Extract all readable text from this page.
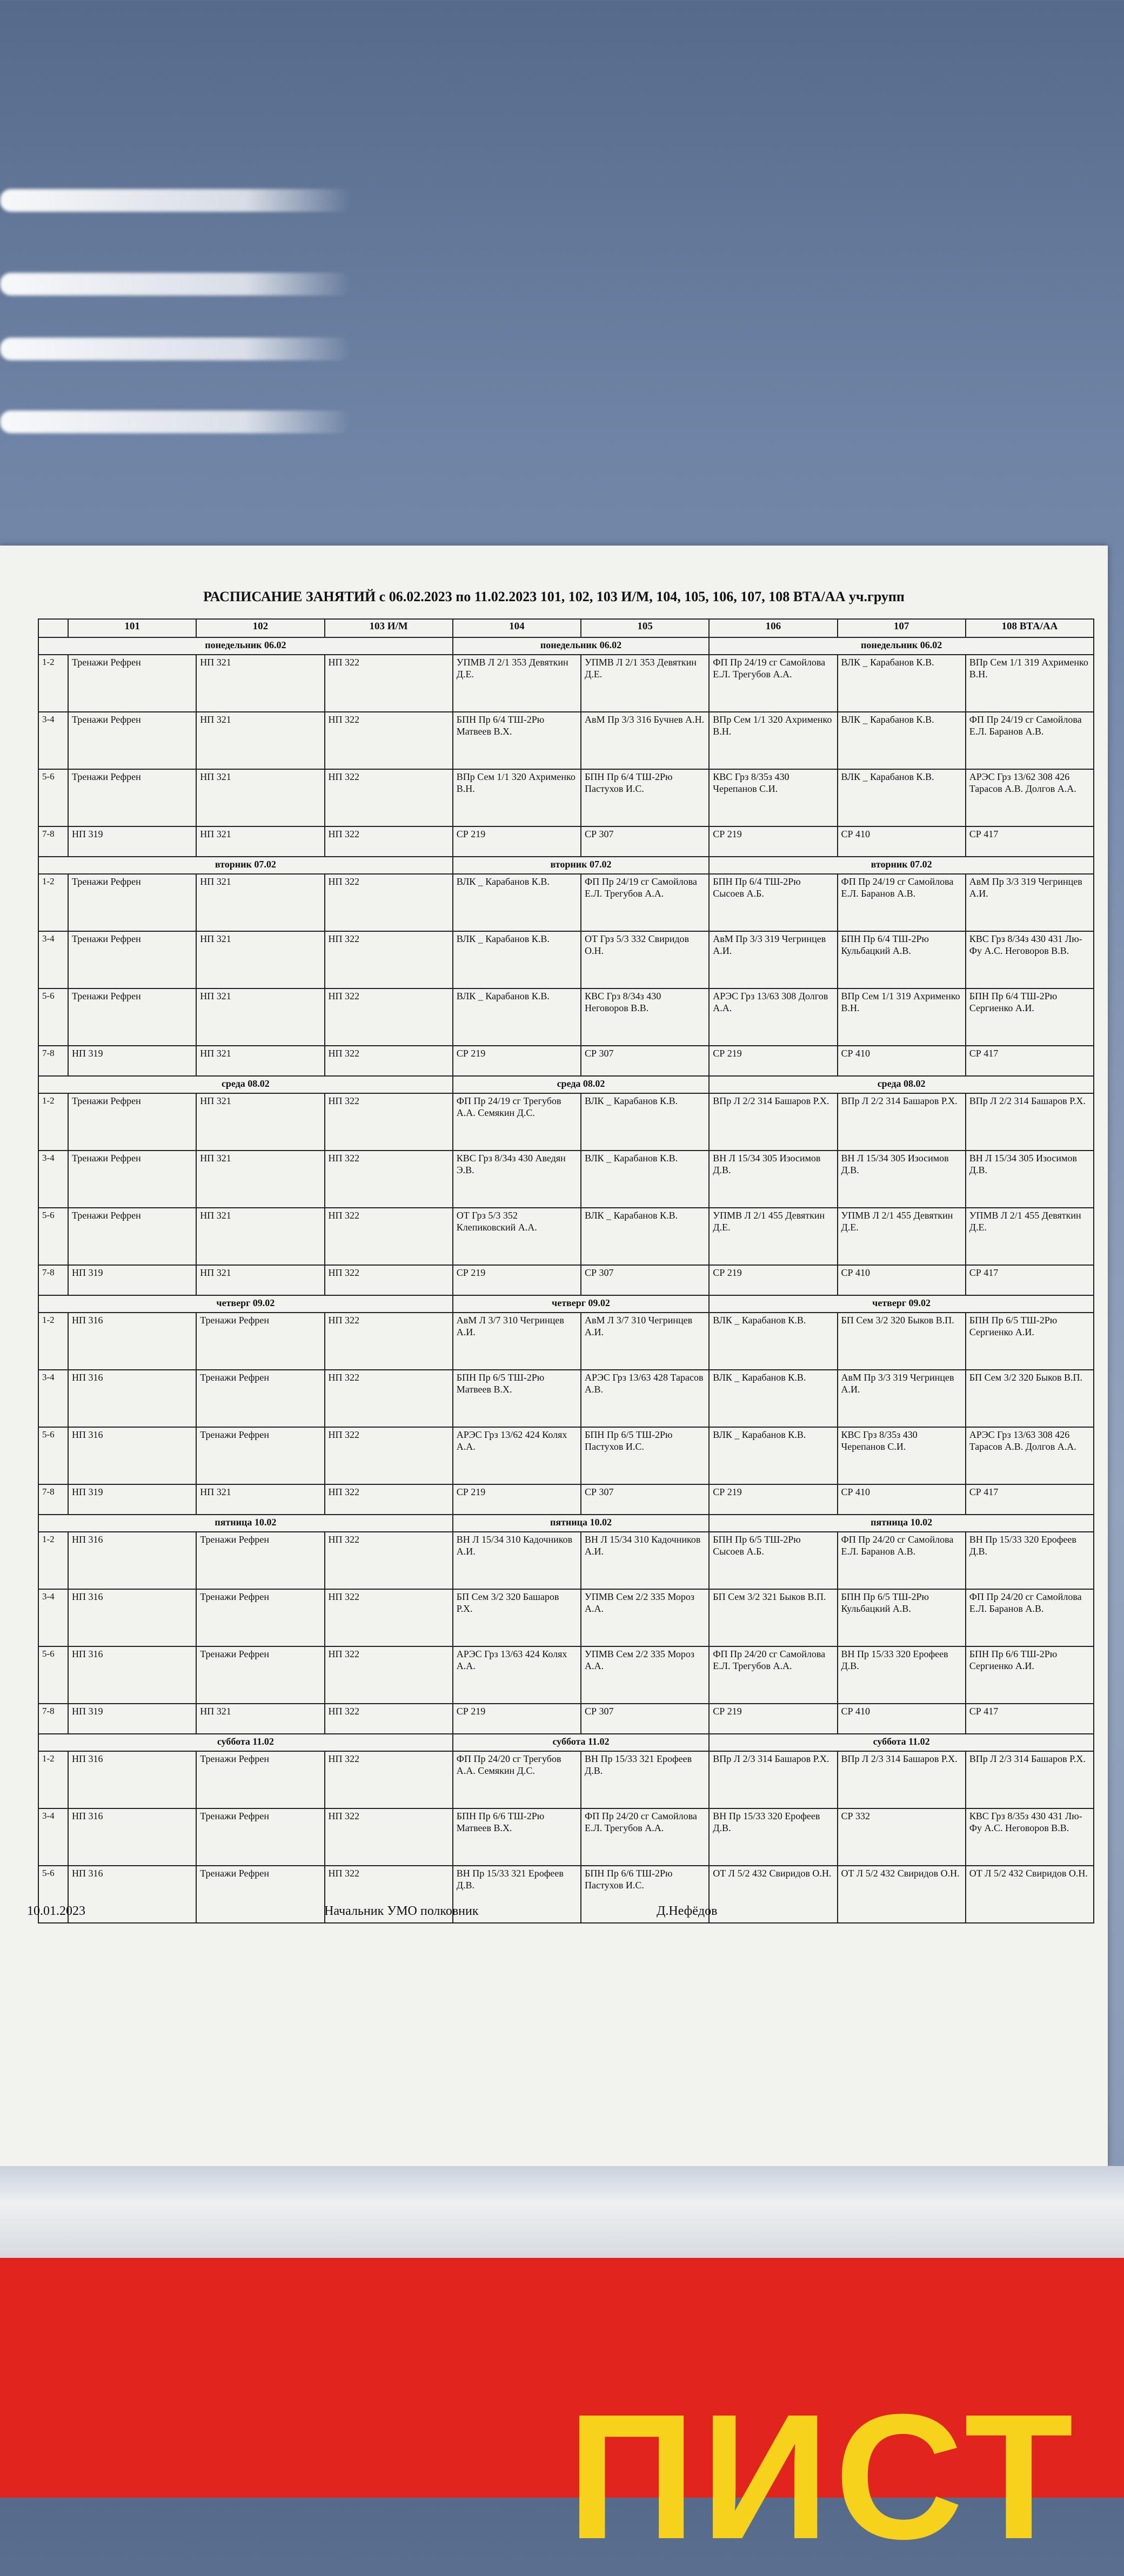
РАСПИСАНИЕ ЗАНЯТИЙ с 06.02.2023 по 11.02.2023 101, 102, 103 И/М, 104, 105, 106, 107, 108 ВТА/АА уч.групп
	101	102	103 И/М	104	105	106	107	108 ВТА/АА
понедельник 06.02				понедельник 06.02		понедельник 06.02		
1-2	Тренажи Рефрен	НП 321	НП 322	УПМВ Л 2/1 353 Девяткин Д.Е.	УПМВ Л 2/1 353 Девяткин Д.Е.	ФП Пр 24/19 сг Самойлова Е.Л. Трегубов А.А.	ВЛК _ Карабанов К.В.	ВПр Сем 1/1 319 Ахрименко В.Н.
3-4	Тренажи Рефрен	НП 321	НП 322	БПН Пр 6/4 ТШ-2Рю Матвеев В.Х.	АвМ Пр 3/3 316 Бучнев А.Н.	ВПр Сем 1/1 320 Ахрименко В.Н.	ВЛК _ Карабанов К.В.	ФП Пр 24/19 сг Самойлова Е.Л. Баранов А.В.
5-6	Тренажи Рефрен	НП 321	НП 322	ВПр Сем 1/1 320 Ахрименко В.Н.	БПН Пр 6/4 ТШ-2Рю Пастухов И.С.	КВС Грз 8/35з 430 Черепанов С.И.	ВЛК _ Карабанов К.В.	АРЭС Грз 13/62 308 426 Тарасов А.В. Долгов А.А.
7-8	НП 319	НП 321	НП 322	СР 219	СР 307	СР 219	СР 410	СР 417
вторник 07.02				вторник 07.02		вторник 07.02		
1-2	Тренажи Рефрен	НП 321	НП 322	ВЛК _ Карабанов К.В.	ФП Пр 24/19 сг Самойлова Е.Л. Трегубов А.А.	БПН Пр 6/4 ТШ-2Рю Сысоев А.Б.	ФП Пр 24/19 сг Самойлова Е.Л. Баранов А.В.	АвМ Пр 3/3 319 Чегринцев А.И.
3-4	Тренажи Рефрен	НП 321	НП 322	ВЛК _ Карабанов К.В.	ОТ Грз 5/3 332 Свиридов О.Н.	АвМ Пр 3/3 319 Чегринцев А.И.	БПН Пр 6/4 ТШ-2Рю Кульбацкий А.В.	КВС Грз 8/34з 430 431 Лю-Фу А.С. Неговоров В.В.
5-6	Тренажи Рефрен	НП 321	НП 322	ВЛК _ Карабанов К.В.	КВС Грз 8/34з 430 Неговоров В.В.	АРЭС Грз 13/63 308 Долгов А.А.	ВПр Сем 1/1 319 Ахрименко В.Н.	БПН Пр 6/4 ТШ-2Рю Сергиенко А.И.
7-8	НП 319	НП 321	НП 322	СР 219	СР 307	СР 219	СР 410	СР 417
среда 08.02				среда 08.02		среда 08.02		
1-2	Тренажи Рефрен	НП 321	НП 322	ФП Пр 24/19 сг Трегубов А.А. Семякин Д.С.	ВЛК _ Карабанов К.В.	ВПр Л 2/2 314 Башаров Р.Х.	ВПр Л 2/2 314 Башаров Р.Х.	ВПр Л 2/2 314 Башаров Р.Х.
3-4	Тренажи Рефрен	НП 321	НП 322	КВС Грз 8/34з 430 Аведян Э.В.	ВЛК _ Карабанов К.В.	ВН Л 15/34 305 Изосимов Д.В.	ВН Л 15/34 305 Изосимов Д.В.	ВН Л 15/34 305 Изосимов Д.В.
5-6	Тренажи Рефрен	НП 321	НП 322	ОТ Грз 5/3 352 Клепиковский А.А.	ВЛК _ Карабанов К.В.	УПМВ Л 2/1 455 Девяткин Д.Е.	УПМВ Л 2/1 455 Девяткин Д.Е.	УПМВ Л 2/1 455 Девяткин Д.Е.
7-8	НП 319	НП 321	НП 322	СР 219	СР 307	СР 219	СР 410	СР 417
четверг 09.02				четверг 09.02		четверг 09.02		
1-2	НП 316	Тренажи Рефрен	НП 322	АвМ Л 3/7 310 Чегринцев А.И.	АвМ Л 3/7 310 Чегринцев А.И.	ВЛК _ Карабанов К.В.	БП Сем 3/2 320 Быков В.П.	БПН Пр 6/5 ТШ-2Рю Сергиенко А.И.
3-4	НП 316	Тренажи Рефрен	НП 322	БПН Пр 6/5 ТШ-2Рю Матвеев В.Х.	АРЭС Грз 13/63 428 Тарасов А.В.	ВЛК _ Карабанов К.В.	АвМ Пр 3/3 319 Чегринцев А.И.	БП Сем 3/2 320 Быков В.П.
5-6	НП 316	Тренажи Рефрен	НП 322	АРЭС Грз 13/62 424 Колях А.А.	БПН Пр 6/5 ТШ-2Рю Пастухов И.С.	ВЛК _ Карабанов К.В.	КВС Грз 8/35з 430 Черепанов С.И.	АРЭС Грз 13/63 308 426 Тарасов А.В. Долгов А.А.
7-8	НП 319	НП 321	НП 322	СР 219	СР 307	СР 219	СР 410	СР 417
пятница 10.02				пятница 10.02		пятница 10.02		
1-2	НП 316	Тренажи Рефрен	НП 322	ВН Л 15/34 310 Кадочников А.И.	ВН Л 15/34 310 Кадочников А.И.	БПН Пр 6/5 ТШ-2Рю Сысоев А.Б.	ФП Пр 24/20 сг Самойлова Е.Л. Баранов А.В.	ВН Пр 15/33 320 Ерофеев Д.В.
3-4	НП 316	Тренажи Рефрен	НП 322	БП Сем 3/2 320 Башаров Р.Х.	УПМВ Сем 2/2 335 Мороз А.А.	БП Сем 3/2 321 Быков В.П.	БПН Пр 6/5 ТШ-2Рю Кульбацкий А.В.	ФП Пр 24/20 сг Самойлова Е.Л. Баранов А.В.
5-6	НП 316	Тренажи Рефрен	НП 322	АРЭС Грз 13/63 424 Колях А.А.	УПМВ Сем 2/2 335 Мороз А.А.	ФП Пр 24/20 сг Самойлова Е.Л. Трегубов А.А.	ВН Пр 15/33 320 Ерофеев Д.В.	БПН Пр 6/6 ТШ-2Рю Сергиенко А.И.
7-8	НП 319	НП 321	НП 322	СР 219	СР 307	СР 219	СР 410	СР 417
суббота 11.02				суббота 11.02		суббота 11.02		
1-2	НП 316	Тренажи Рефрен	НП 322	ФП Пр 24/20 сг Трегубов А.А. Семякин Д.С.	ВН Пр 15/33 321 Ерофеев Д.В.	ВПр Л 2/3 314 Башаров Р.Х.	ВПр Л 2/3 314 Башаров Р.Х.	ВПр Л 2/3 314 Башаров Р.Х.
3-4	НП 316	Тренажи Рефрен	НП 322	БПН Пр 6/6 ТШ-2Рю Матвеев В.Х.	ФП Пр 24/20 сг Самойлова Е.Л. Трегубов А.А.	ВН Пр 15/33 320 Ерофеев Д.В.	СР 332	КВС Грз 8/35з 430 431 Лю-Фу А.С. Неговоров В.В.
5-6	НП 316	Тренажи Рефрен	НП 322	ВН Пр 15/33 321 Ерофеев Д.В.	БПН Пр 6/6 ТШ-2Рю Пастухов И.С.	ОТ Л 5/2 432 Свиридов О.Н.	ОТ Л 5/2 432 Свиридов О.Н.	ОТ Л 5/2 432 Свиридов О.Н.
10.01.2023	Начальник УМО полковник	Д.Нефёдов
ПИСТ
